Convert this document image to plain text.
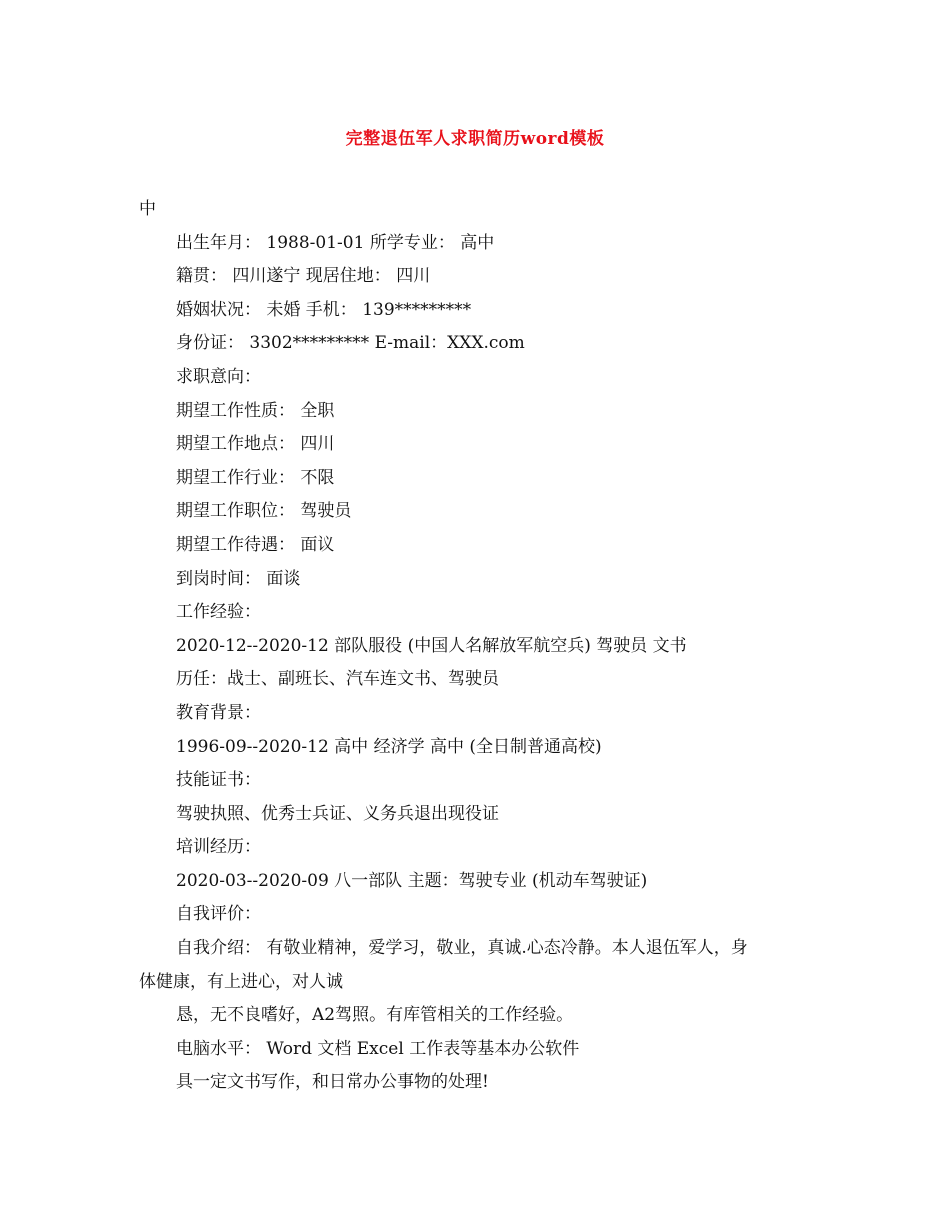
完整退伍军人求职简历word模板
中
出生年月： 1988-01-01 所学专业： 高中
籍贯： 四川遂宁 现居住地： 四川
婚姻状况： 未婚 手机： 139*********
身份证： 3302********* E-mail：XXX.com
求职意向：
期望工作性质： 全职
期望工作地点： 四川
期望工作行业： 不限
期望工作职位： 驾驶员
期望工作待遇： 面议
到岗时间： 面谈
工作经验：
2020-12--2020-12 部队服役 (中国人名解放军航空兵) 驾驶员 文书
历任：战士、副班长、汽车连文书、驾驶员
教育背景：
1996-09--2020-12 高中 经济学 高中 (全日制普通高校)
技能证书：
驾驶执照、优秀士兵证、义务兵退出现役证
培训经历：
2020-03--2020-09 八一部队 主题：驾驶专业 (机动车驾驶证)
自我评价：
自我介绍： 有敬业精神，爱学习，敬业，真诚.心态冷静。本人退伍军人，身
体健康，有上进心，对人诚
恳，无不良嗜好，A2驾照。有库管相关的工作经验。
电脑水平： Word 文档 Excel 工作表等基本办公软件
具一定文书写作，和日常办公事物的处理!
